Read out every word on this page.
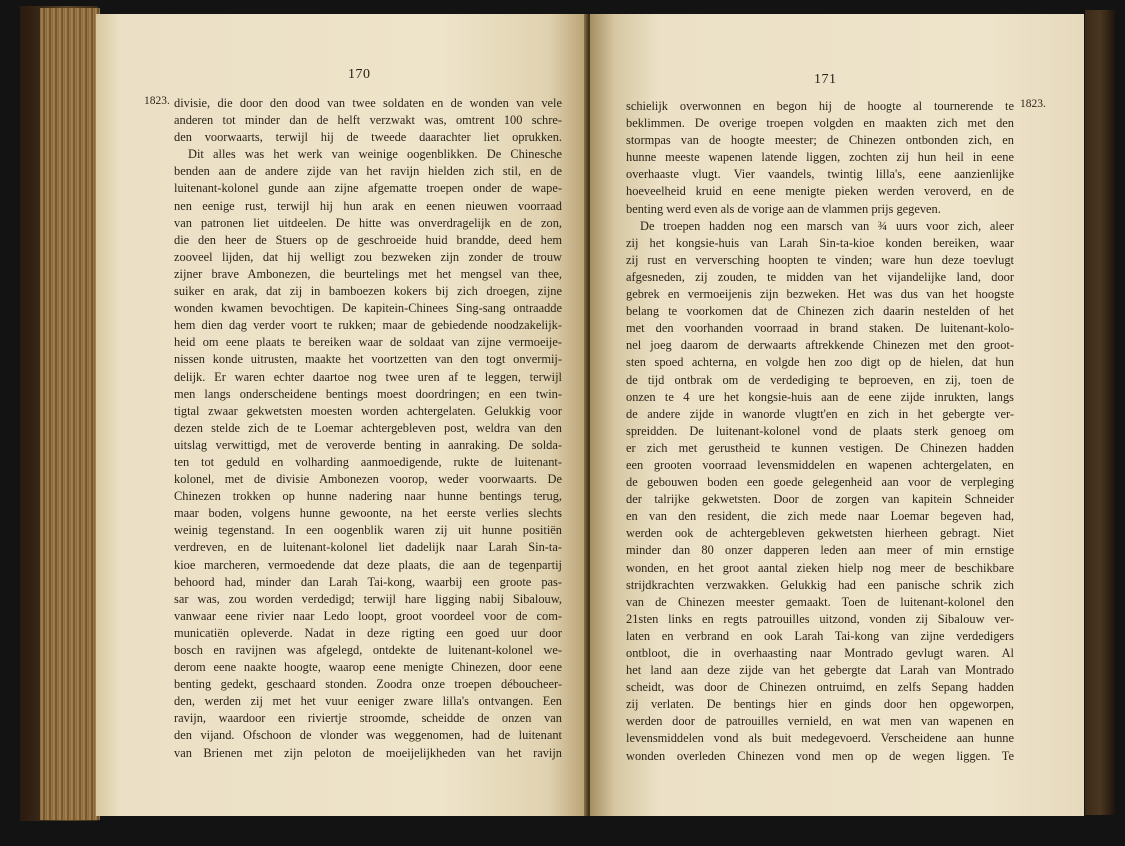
170
1823. divisie, die door den dood van twee soldaten en de wonden van vele
anderen tot minder dan de helft verzwakt was, omtrent 100 schre-
den voorwaarts, terwijl hij de tweede daarachter liet oprukken.
Dit alles was het werk van weinige oogenblikken. De Chinesche
benden aan de andere zijde van het ravijn hielden zich stil, en de
luitenant-kolonel gunde aan zijne afgematte troepen onder de wape-
nen eenige rust, terwijl hij hun arak en eenen nieuwen voorraad
van patronen liet uitdeelen. De hitte was onverdragelijk en de zon,
die den heer de Stuers op de geschroeide huid brandde, deed hem
zooveel lijden, dat hij welligt zou bezweken zijn zonder de trouw
zijner brave Ambonezen, die beurtelings met het mengsel van thee,
suiker en arak, dat zij in bamboezen kokers bij zich droegen, zijne
wonden kwamen bevochtigen. De kapitein-Chinees Sing-sang ontraadde
hem dien dag verder voort te rukken; maar de gebiedende noodzakelijk-
heid om eene plaats te bereiken waar de soldaat van zijne vermoeije-
nissen konde uitrusten, maakte het voortzetten van den togt onvermij-
delijk. Er waren echter daartoe nog twee uren af te leggen, terwijl
men langs onderscheidene bentings moest doordringen; en een twin-
tigtal zwaar gekwetsten moesten worden achtergelaten. Gelukkig voor
dezen stelde zich de te Loemar achtergebleven post, weldra van den
uitslag verwittigd, met de veroverde benting in aanraking. De solda-
ten tot geduld en volharding aanmoedigende, rukte de luitenant-
kolonel, met de divisie Ambonezen voorop, weder voorwaarts. De
Chinezen trokken op hunne nadering naar hunne bentings terug,
maar boden, volgens hunne gewoonte, na het eerste verlies slechts
weinig tegenstand. In een oogenblik waren zij uit hunne positiën
verdreven, en de luitenant-kolonel liet dadelijk naar Larah Sin-ta-
kioe marcheren, vermoedende dat deze plaats, die aan de tegenpartij
behoord had, minder dan Larah Tai-kong, waarbij een groote pas-
sar was, zou worden verdedigd; terwijl hare ligging nabij Sibalouw,
vanwaar eene rivier naar Ledo loopt, groot voordeel voor de com-
municatiën opleverde. Nadat in deze rigting een goed uur door
bosch en ravijnen was afgelegd, ontdekte de luitenant-kolonel we-
derom eene naakte hoogte, waarop eene menigte Chinezen, door eene
benting gedekt, geschaard stonden. Zoodra onze troepen déboucheer-
den, werden zij met het vuur eeniger zware lilla's ontvangen. Een
ravijn, waardoor een riviertje stroomde, scheidde de onzen van
den vijand. Ofschoon de vlonder was weggenomen, had de luitenant
van Brienen met zijn peloton de moeijelijkheden van het ravijn
171
1823.
schielijk overwonnen en begon hij de hoogte al tournerende te
beklimmen. De overige troepen volgden en maakten zich met den
stormpas van de hoogte meester; de Chinezen ontbonden zich, en
hunne meeste wapenen latende liggen, zochten zij hun heil in eene
overhaaste vlugt. Vier vaandels, twintig lilla's, eene aanzienlijke
hoeveelheid kruid en eene menigte pieken werden veroverd, en de
benting werd even als de vorige aan de vlammen prijs gegeven.
De troepen hadden nog een marsch van ¾ uurs voor zich, aleer
zij het kongsie-huis van Larah Sin-ta-kioe konden bereiken, waar
zij rust en verversching hoopten te vinden; ware hun deze toevlugt
afgesneden, zij zouden, te midden van het vijandelijke land, door
gebrek en vermoeijenis zijn bezweken. Het was dus van het hoogste
belang te voorkomen dat de Chinezen zich daarin nestelden of het
met den voorhanden voorraad in brand staken. De luitenant-kolo-
nel joeg daarom de derwaarts aftrekkende Chinezen met den groot-
sten spoed achterna, en volgde hen zoo digt op de hielen, dat hun
de tijd ontbrak om de verdediging te beproeven, en zij, toen de
onzen te 4 ure het kongsie-huis aan de eene zijde inrukten, langs
de andere zijde in wanorde vlugtt'en en zich in het gebergte ver-
spreidden. De luitenant-kolonel vond de plaats sterk genoeg om
er zich met gerustheid te kunnen vestigen. De Chinezen hadden
een grooten voorraad levensmiddelen en wapenen achtergelaten, en
de gebouwen boden een goede gelegenheid aan voor de verpleging
der talrijke gekwetsten. Door de zorgen van kapitein Schneider
en van den resident, die zich mede naar Loemar begeven had,
werden ook de achtergebleven gekwetsten hierheen gebragt. Niet
minder dan 80 onzer dapperen leden aan meer of min ernstige
wonden, en het groot aantal zieken hielp nog meer de beschikbare
strijdkrachten verzwakken. Gelukkig had een panische schrik zich
van de Chinezen meester gemaakt. Toen de luitenant-kolonel den
21sten links en regts patrouilles uitzond, vonden zij Sibalouw ver-
laten en verbrand en ook Larah Tai-kong van zijne verdedigers
ontbloot, die in overhaasting naar Montrado gevlugt waren. Al
het land aan deze zijde van het gebergte dat Larah van Montrado
scheidt, was door de Chinezen ontruimd, en zelfs Sepang hadden
zij verlaten. De bentings hier en ginds door hen opgeworpen,
werden door de patrouilles vernield, en wat men van wapenen en
levensmiddelen vond als buit medegevoerd. Verscheidene aan hunne
wonden overleden Chinezen vond men op de wegen liggen. Te
